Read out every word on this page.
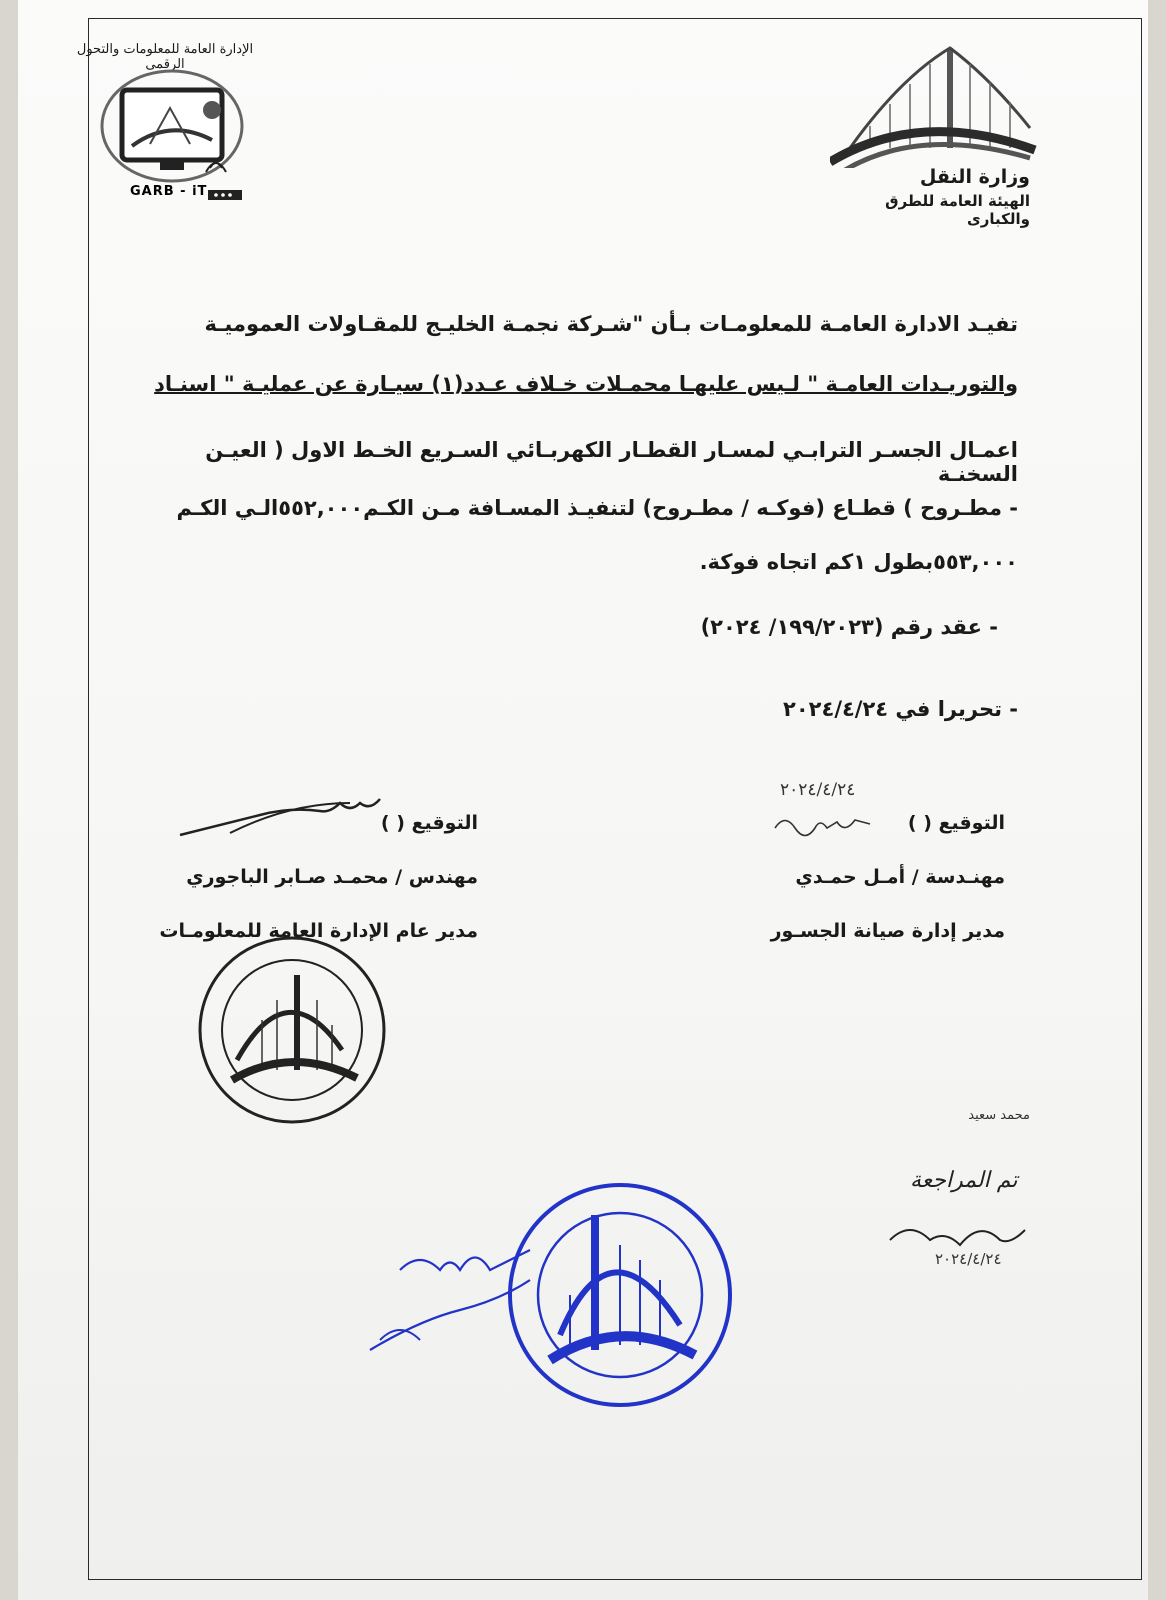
الإدارة العامة للمعلومات والتحول الرقمى
GARB - iT
وزارة النقل
الهيئة العامة للطرق والكبارى
تفيـد الادارة العامـة للمعلومـات بـأن "شـركة نجمـة الخليـج للمقـاولات العموميـة
والتوريـدات العامـة " لـيس عليهـا محمـلات خـلاف عـدد(١) سيـارة عن عمليـة " اسنـاد
اعمـال الجسـر الترابـي لمسـار القطـار الكهربـائي السـريع الخـط الاول ( العيـن السخنـة
- مطـروح ) قطـاع (فوكـه / مطـروح) لتنفيـذ المسـافة مـن الكـم٥٥٢,٠٠٠الـي الكـم
٥٥٣,٠٠٠بطول ١كم اتجاه فوكة.
- عقد رقم (١٩٩/٢٠٢٣/ ٢٠٢٤)
- تحريرا في ٢٠٢٤/٤/٢٤
التوقيع ( )
مهنـدسة / أمـل حمـدي
مدير إدارة صيانة الجسـور
٢٠٢٤/٤/٢٤
التوقيع ( )
مهندس / محمـد صـابر الباجوري
مدير عام الإدارة العامة للمعلومـات
محمد سعيد
تم المراجعة
٢٠٢٤/٤/٢٤
